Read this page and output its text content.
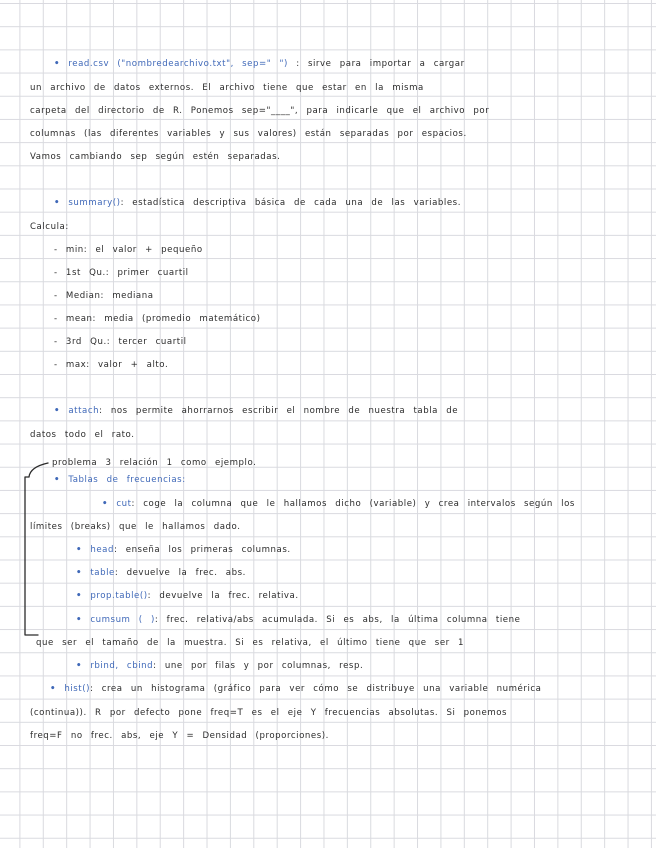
• read.csv ("nombredearchivo.txt", sep=" ") : sirve para importar a cargar
un archivo de datos externos. El archivo tiene que estar en la misma
carpeta del directorio de R. Ponemos sep="____", para indicarle que el archivo por
columnas (las diferentes variables y sus valores) están separadas por espacios.
Vamos cambiando sep según estén separadas.
• summary(): estadística descriptiva básica de cada una de las variables.
Calcula:
- min: el valor + pequeño
- 1st Qu.: primer cuartil
- Median: mediana
- mean: media (promedio matemático)
- 3rd Qu.: tercer cuartil
- max: valor + alto.
• attach: nos permite ahorrarnos escribir el nombre de nuestra tabla de
datos todo el rato.
problema 3 relación 1 como ejemplo.
• Tablas de frecuencias:
• cut: coge la columna que le hallamos dicho (variable) y crea intervalos según los
límites (breaks) que le hallamos dado.
• head: enseña los primeras columnas.
• table: devuelve la frec. abs.
• prop.table(): devuelve la frec. relativa.
• cumsum ( ): frec. relativa/abs acumulada. Si es abs, la última columna tiene
que ser el tamaño de la muestra. Si es relativa, el último tiene que ser 1
• rbind, cbind: une por filas y por columnas, resp.
• hist(): crea un histograma (gráfico para ver cómo se distribuye una variable numérica
(continua)). R por defecto pone freq=T es el eje Y frecuencias absolutas. Si ponemos
freq=F no frec. abs, eje Y = Densidad (proporciones).
